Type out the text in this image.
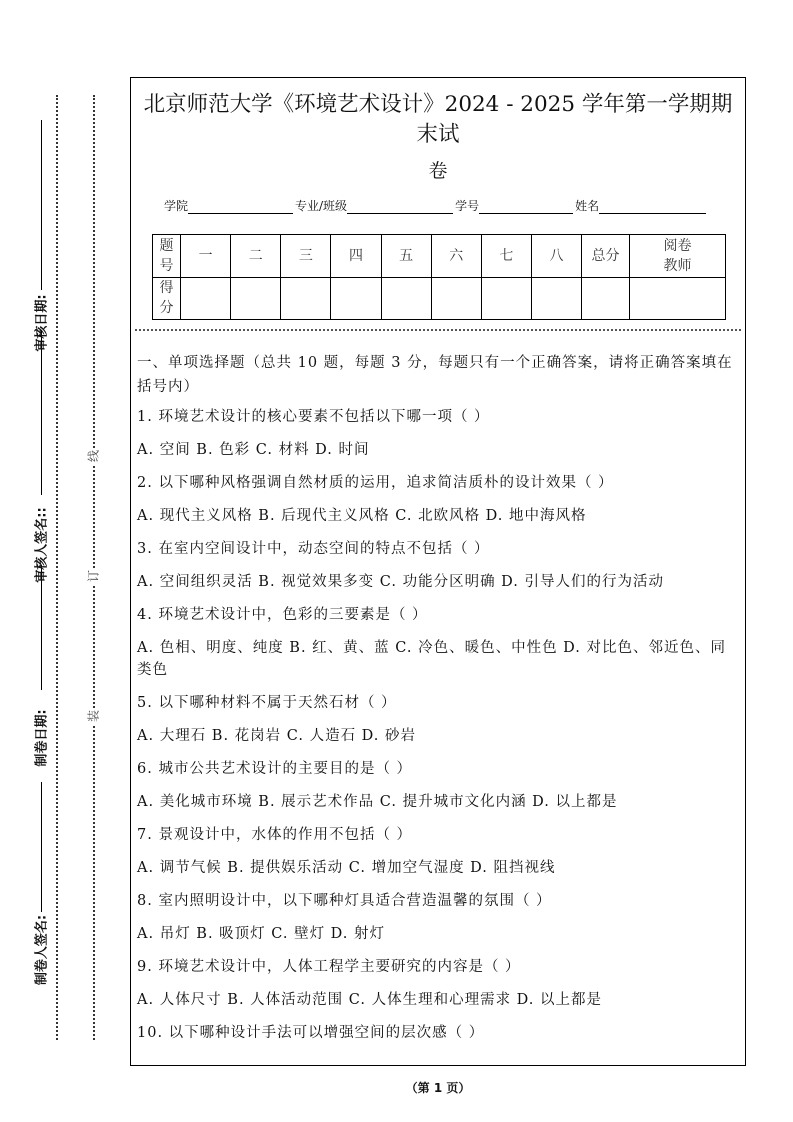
制卷人签名:
制卷日期:
审核人签名::
审核日期:
装
订
线
北京师范大学《环境艺术设计》2024 - 2025 学年第一学期期末试
卷
学院	专业/班级	学号	姓名
题号	一	二	三	四	五	六	七	八	总分	阅卷教师
得分										

一、单项选择题（总共 10 题，每题 3 分，每题只有一个正确答案，请将正确答案填在括号内）

1. 环境艺术设计的核心要素不包括以下哪一项（ ）

A. 空间 B. 色彩 C. 材料 D. 时间

2. 以下哪种风格强调自然材质的运用，追求简洁质朴的设计效果（ ）

A. 现代主义风格 B. 后现代主义风格 C. 北欧风格 D. 地中海风格

3. 在室内空间设计中，动态空间的特点不包括（ ）

A. 空间组织灵活 B. 视觉效果多变 C. 功能分区明确 D. 引导人们的行为活动

4. 环境艺术设计中，色彩的三要素是（ ）

A. 色相、明度、纯度 B. 红、黄、蓝 C. 冷色、暖色、中性色 D. 对比色、邻近色、同类色

5. 以下哪种材料不属于天然石材（ ）

A. 大理石 B. 花岗岩 C. 人造石 D. 砂岩

6. 城市公共艺术设计的主要目的是（ ）

A. 美化城市环境 B. 展示艺术作品 C. 提升城市文化内涵 D. 以上都是

7. 景观设计中，水体的作用不包括（ ）

A. 调节气候 B. 提供娱乐活动 C. 增加空气湿度 D. 阻挡视线

8. 室内照明设计中，以下哪种灯具适合营造温馨的氛围（ ）

A. 吊灯 B. 吸顶灯 C. 壁灯 D. 射灯

9. 环境艺术设计中，人体工程学主要研究的内容是（ ）

A. 人体尺寸 B. 人体活动范围 C. 人体生理和心理需求 D. 以上都是

10. 以下哪种设计手法可以增强空间的层次感（ ）

（第 1 页）
